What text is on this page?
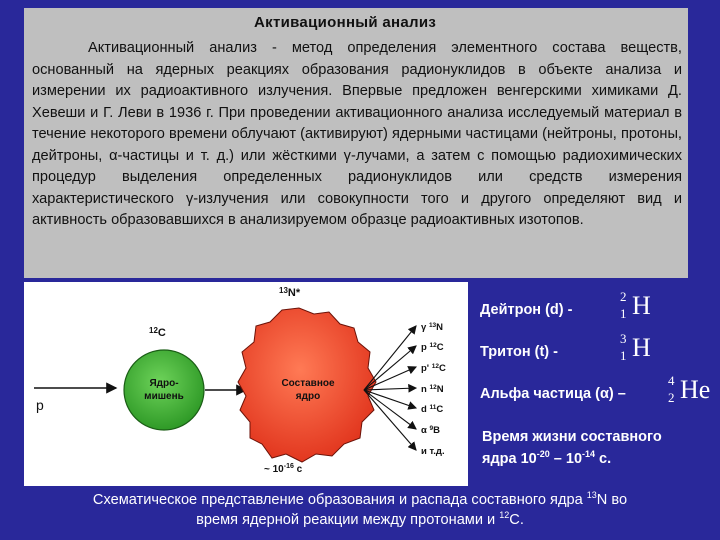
Активационный анализ
Активационный анализ - метод определения элементного состава веществ, основанный на ядерных реакциях образования радионуклидов в объекте анализа и измерении их радиоактивного излучения. Впервые предложен венгерскими химиками Д. Хевеши и Г. Леви в 1936 г. При проведении активационного анализа исследуемый материал в течение некоторого времени облучают (активируют) ядерными частицами (нейтроны, протоны, дейтроны, α-частицы и т. д.) или жёсткими γ-лучами, а затем с помощью радиохимических процедур выделения определенных радионуклидов или средств измерения характеристического γ-излучения или совокупности того и другого определяют вид и активность образовавшихся в анализируемом образце радиоактивных изотопов.
$^{13}$N*
$^{12}$C
p
Ядро-
мишень
Составное
ядро
~ $10^{-16}$ с
γ $^{13}$N
p $^{12}$C
p' $^{12}$C
n $^{12}$N
d $^{11}$C
α $^9$B
и т.д.
Дейтрон (d) -
2
1 H
Тритон (t) -
3
1 H
Альфа частица (α) –
4
2 He
Время жизни составного
ядра $10^{-20} - 10^{-14}$ с.
Схематическое представление образования и распада составного ядра $^{13}$N во
время ядерной реакции между протонами и $^{12}$С.
